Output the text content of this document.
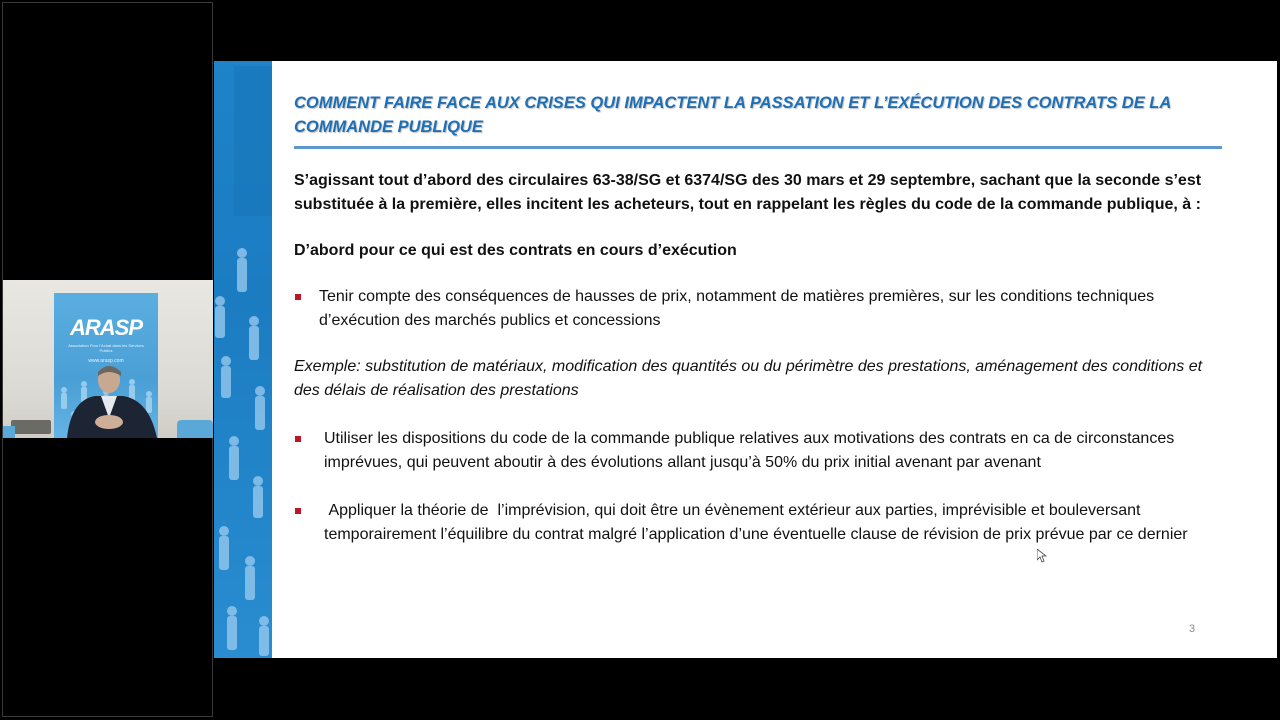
ARASP
Association Pour l'Achat dans les Services Publics
www.arasp.com
COMMENT FAIRE FACE AUX CRISES QUI IMPACTENT LA PASSATION ET L’EXÉCUTION DES CONTRATS DE LA COMMANDE PUBLIQUE

S’agissant tout d’abord des circulaires 63-38/SG et 6374/SG des 30 mars et 29 septembre, sachant que la seconde s’est substituée à la première, elles incitent les acheteurs, tout en rappelant les règles du code de la commande publique, à :

D’abord pour ce qui est des contrats en cours d’exécution

Tenir compte des conséquences de hausses de prix, notamment de matières premières, sur les conditions techniques d’exécution des marchés publics et concessions

Exemple: substitution de matériaux, modification des quantités ou du périmètre des prestations, aménagement des conditions et des délais de réalisation des prestations

Utiliser les dispositions du code de la commande publique relatives aux motivations des contrats en ca de circonstances imprévues, qui peuvent aboutir à des évolutions allant jusqu’à 50% du prix initial avenant par avenant
Appliquer la théorie de  l’imprévision, qui doit être un évènement extérieur aux parties, imprévisible et bouleversant temporairement l’équilibre du contrat malgré l’application d’une éventuelle clause de révision de prix prévue par ce dernier
3
